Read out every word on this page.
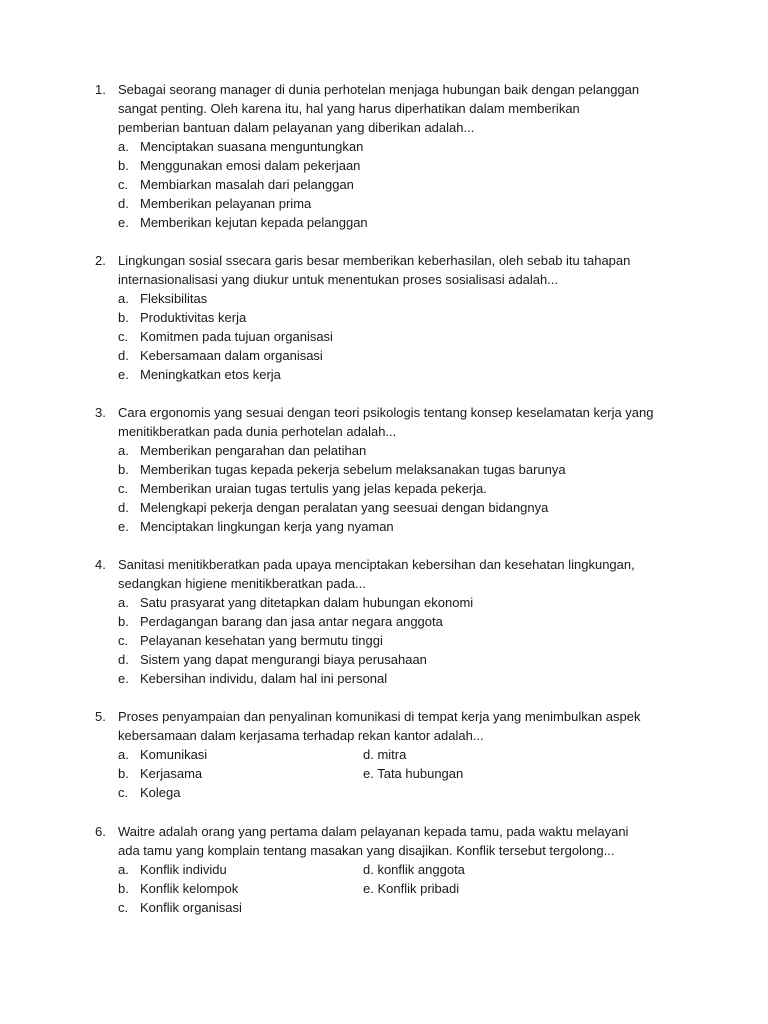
1. Sebagai seorang manager di dunia perhotelan menjaga hubungan baik dengan pelanggan
sangat penting. Oleh karena itu, hal yang harus diperhatikan dalam memberikan
pemberian bantuan dalam pelayanan yang diberikan adalah...
a. Menciptakan suasana menguntungkan
b. Menggunakan emosi dalam pekerjaan
c. Membiarkan masalah dari pelanggan
d. Memberikan pelayanan prima
e. Memberikan kejutan kepada pelanggan
2. Lingkungan sosial ssecara garis besar memberikan keberhasilan, oleh sebab itu tahapan
internasionalisasi yang diukur untuk menentukan proses sosialisasi adalah...
a. Fleksibilitas
b. Produktivitas kerja
c. Komitmen pada tujuan organisasi
d. Kebersamaan dalam organisasi
e. Meningkatkan etos kerja
3. Cara ergonomis yang sesuai dengan teori psikologis tentang konsep keselamatan kerja yang
menitikberatkan pada dunia perhotelan adalah...
a. Memberikan pengarahan dan pelatihan
b. Memberikan tugas kepada pekerja sebelum melaksanakan tugas barunya
c. Memberikan uraian tugas tertulis yang jelas kepada pekerja.
d. Melengkapi pekerja dengan peralatan yang seesuai dengan bidangnya
e. Menciptakan lingkungan kerja yang nyaman
4. Sanitasi menitikberatkan pada upaya menciptakan kebersihan dan kesehatan lingkungan,
sedangkan higiene menitikberatkan pada...
a. Satu prasyarat yang ditetapkan dalam hubungan ekonomi
b. Perdagangan barang dan jasa antar negara anggota
c. Pelayanan kesehatan yang bermutu tinggi
d. Sistem yang dapat mengurangi biaya perusahaan
e. Kebersihan individu, dalam hal ini personal
5. Proses penyampaian dan penyalinan komunikasi di tempat kerja yang menimbulkan aspek
kebersamaan dalam kerjasama terhadap rekan kantor adalah...
a. Komunikasi	d. mitra
b. Kerjasama	e. Tata hubungan
c. Kolega
6. Waitre adalah orang yang pertama dalam pelayanan kepada tamu, pada waktu melayani
ada tamu yang komplain tentang masakan yang disajikan. Konflik tersebut tergolong...
a. Konflik individu	d. konflik anggota
b. Konflik kelompok	e. Konflik pribadi
c. Konflik organisasi
